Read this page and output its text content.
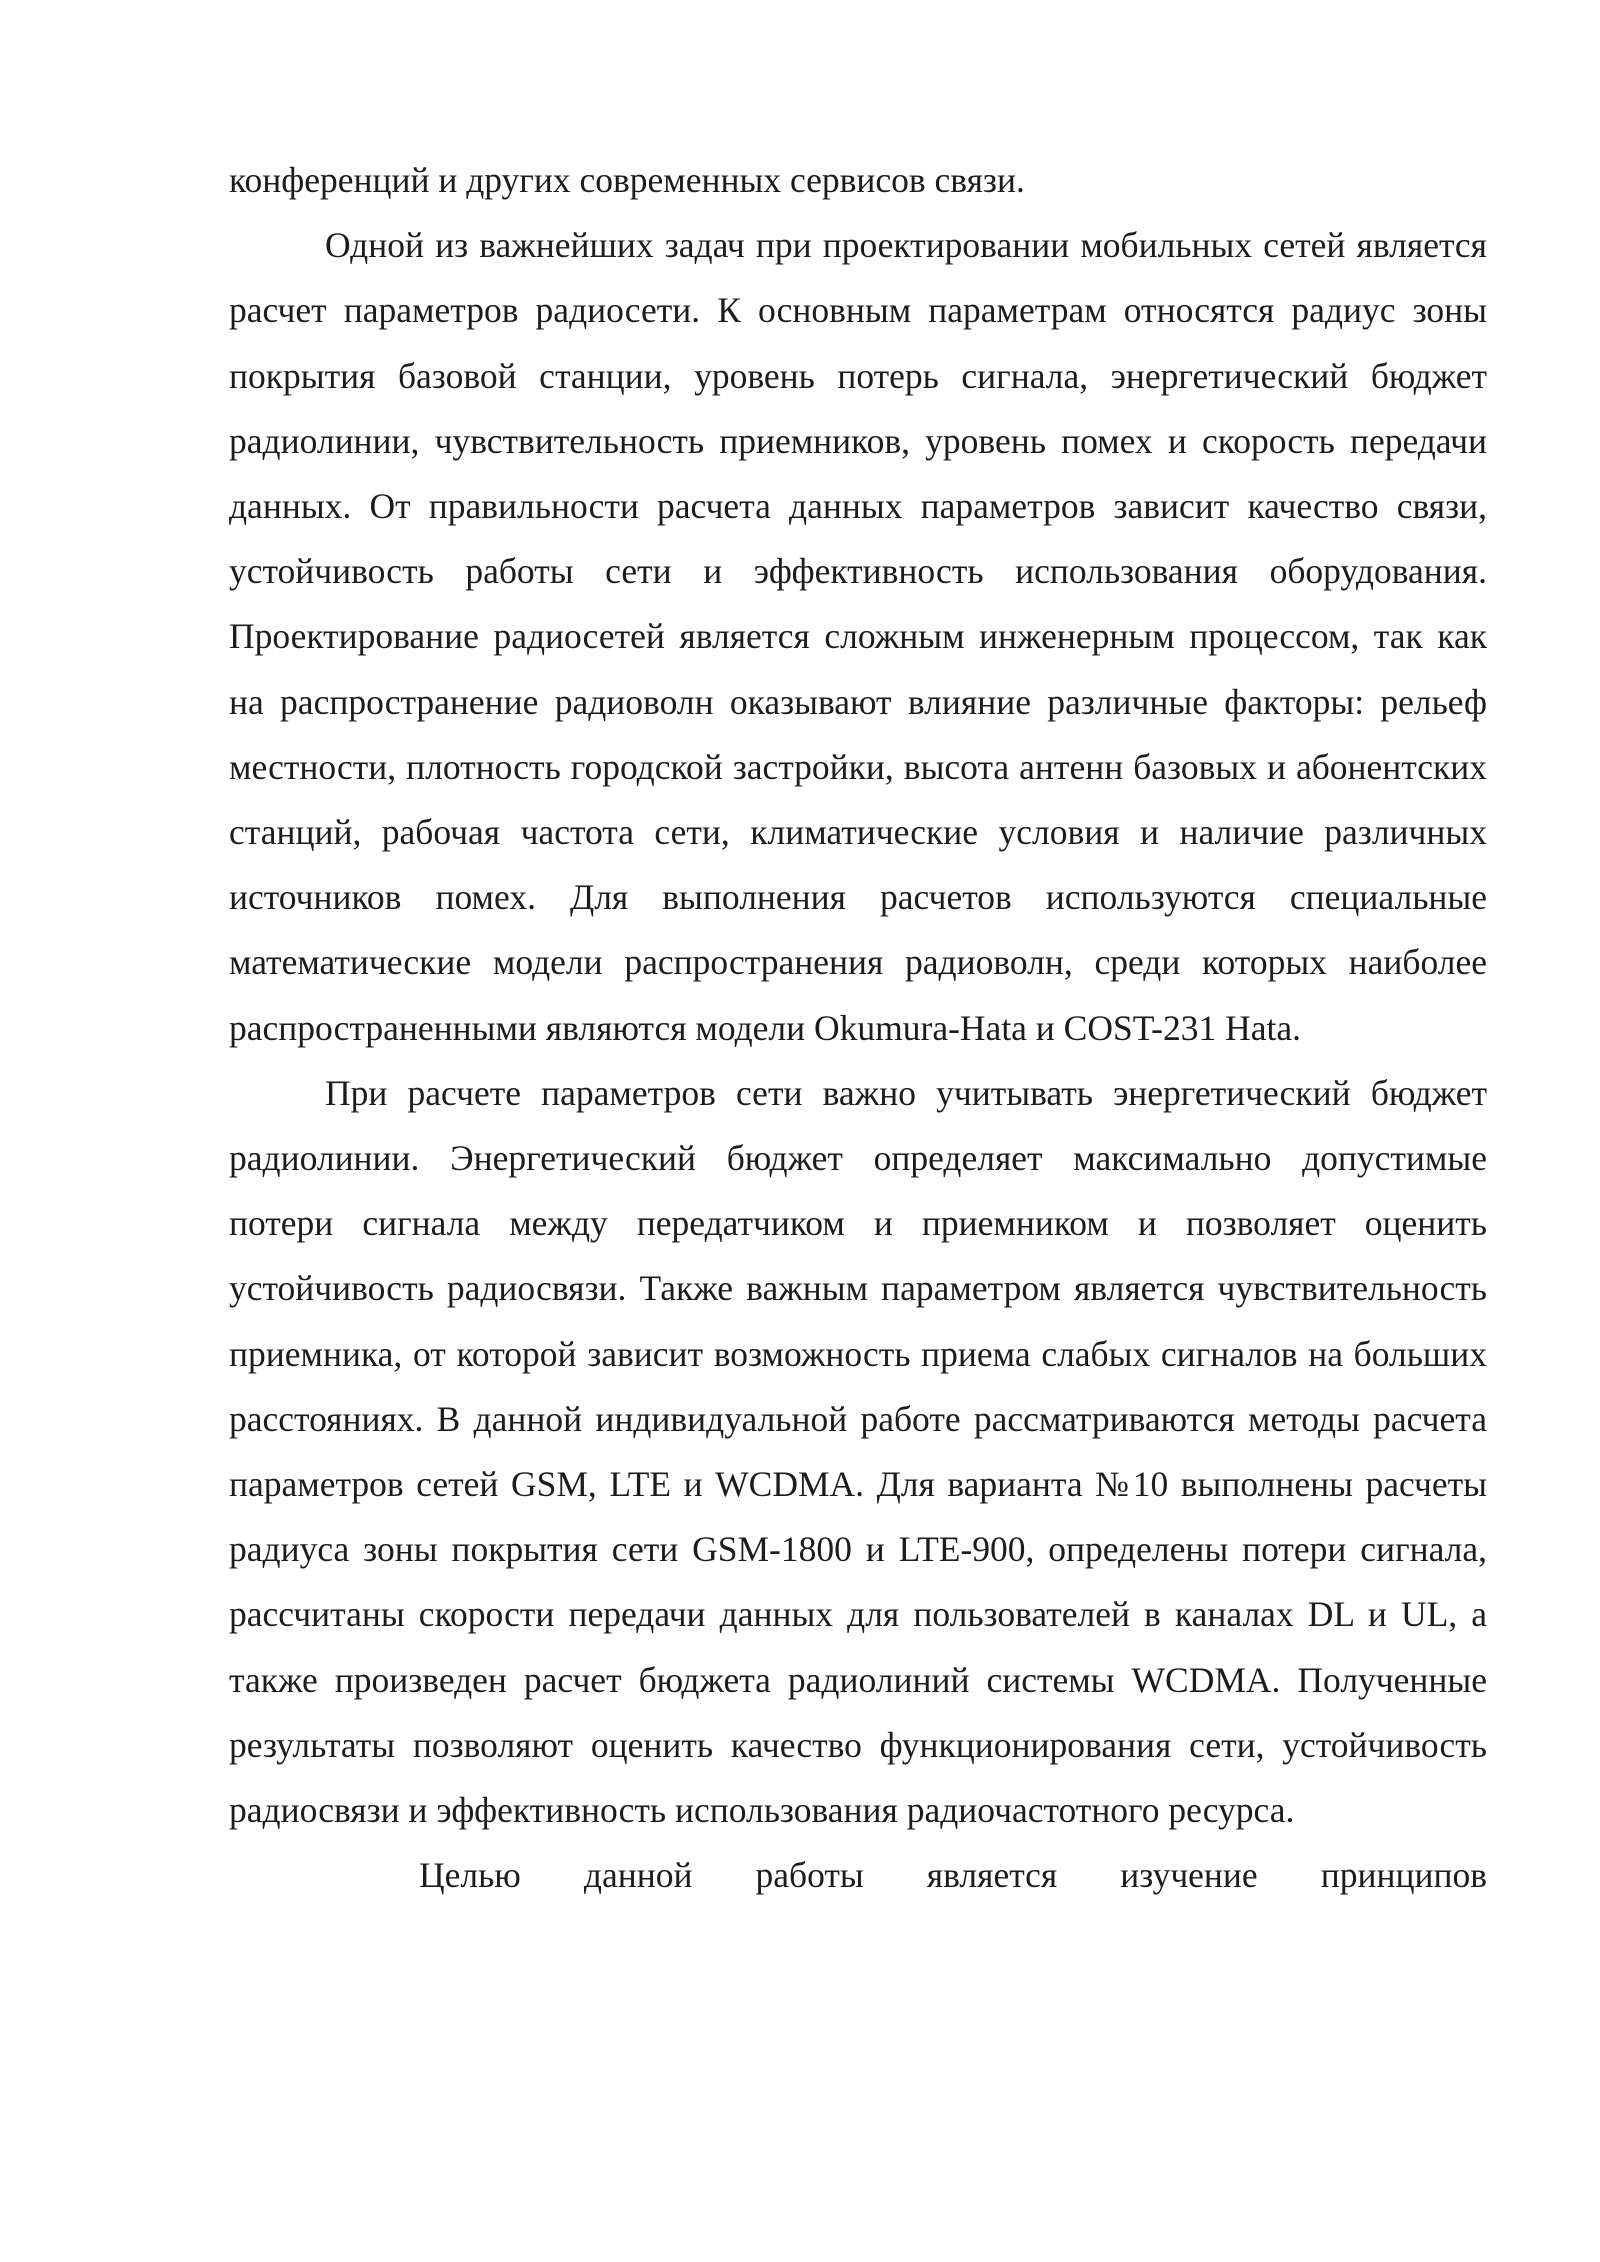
конференций и других современных сервисов связи.

Одной из важнейших задач при проектировании мобильных сетей является расчет параметров радиосети. К основным параметрам относятся радиус зоны покрытия базовой станции, уровень потерь сигнала, энергетический бюджет радиолинии, чувствительность приемников, уровень помех и скорость передачи данных. От правильности расчета данных параметров зависит качество связи, устойчивость работы сети и эффективность использования оборудования. Проектирование радиосетей является сложным инженерным процессом, так как на распространение радиоволн оказывают влияние различные факторы: рельеф местности, плотность городской застройки, высота антенн базовых и абонентских станций, рабочая частота сети, климатические условия и наличие различных источников помех. Для выполнения расчетов используются специальные математические модели распространения радиоволн, среди которых наиболее распространенными являются модели Okumura-Hata и COST-231 Hata.

При расчете параметров сети важно учитывать энергетический бюджет радиолинии. Энергетический бюджет определяет максимально допустимые потери сигнала между передатчиком и приемником и позволяет оценить устойчивость радиосвязи. Также важным параметром является чувствительность приемника, от которой зависит возможность приема слабых сигналов на больших расстояниях. В данной индивидуальной работе рассматриваются методы расчета параметров сетей GSM, LTE и WCDMA. Для варианта №10 выполнены расчеты радиуса зоны покрытия сети GSM-1800 и LTE-900, определены потери сигнала, рассчитаны скорости передачи данных для пользователей в каналах DL и UL, а также произведен расчет бюджета радиолиний системы WCDMA. Полученные результаты позволяют оценить качество функционирования сети, устойчивость радиосвязи и эффективность использования радиочастотного ресурса.

Целью данной работы является изучение принципов
